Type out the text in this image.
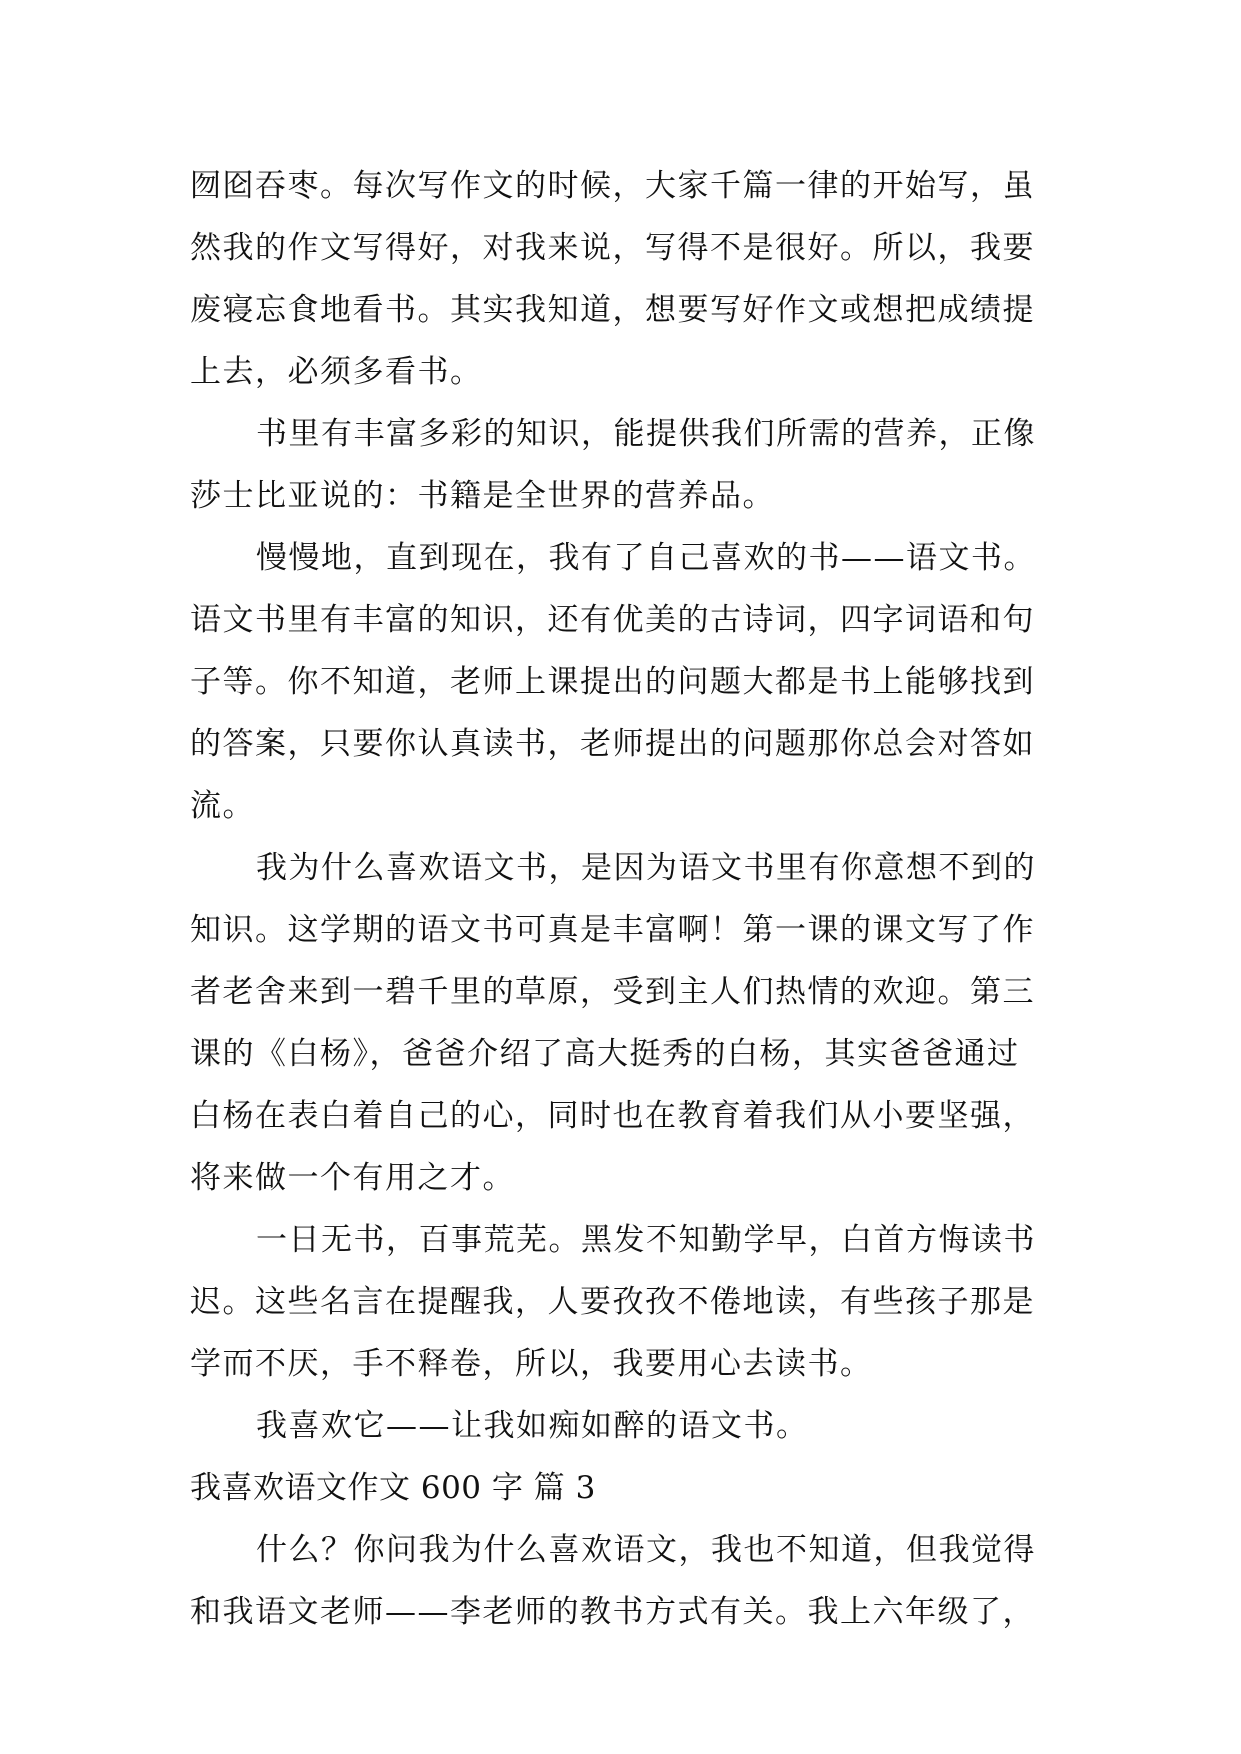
囫囵吞枣。每次写作文的时候，大家千篇一律的开始写，虽
然我的作文写得好，对我来说，写得不是很好。所以，我要
废寝忘食地看书。其实我知道，想要写好作文或想把成绩提
上去，必须多看书。
书里有丰富多彩的知识，能提供我们所需的营养，正像
莎士比亚说的：书籍是全世界的营养品。
慢慢地，直到现在，我有了自己喜欢的书——语文书。
语文书里有丰富的知识，还有优美的古诗词，四字词语和句
子等。你不知道，老师上课提出的问题大都是书上能够找到
的答案，只要你认真读书，老师提出的问题那你总会对答如
流。
我为什么喜欢语文书，是因为语文书里有你意想不到的
知识。这学期的语文书可真是丰富啊！第一课的课文写了作
者老舍来到一碧千里的草原，受到主人们热情的欢迎。第三
课的《白杨》，爸爸介绍了高大挺秀的白杨，其实爸爸通过
白杨在表白着自己的心，同时也在教育着我们从小要坚强，
将来做一个有用之才。
一日无书，百事荒芜。黑发不知勤学早，白首方悔读书
迟。这些名言在提醒我，人要孜孜不倦地读，有些孩子那是
学而不厌，手不释卷，所以，我要用心去读书。
我喜欢它——让我如痴如醉的语文书。
我喜欢语文作文 600 字 篇 3
什么？你问我为什么喜欢语文，我也不知道，但我觉得
和我语文老师——李老师的教书方式有关。我上六年级了，
